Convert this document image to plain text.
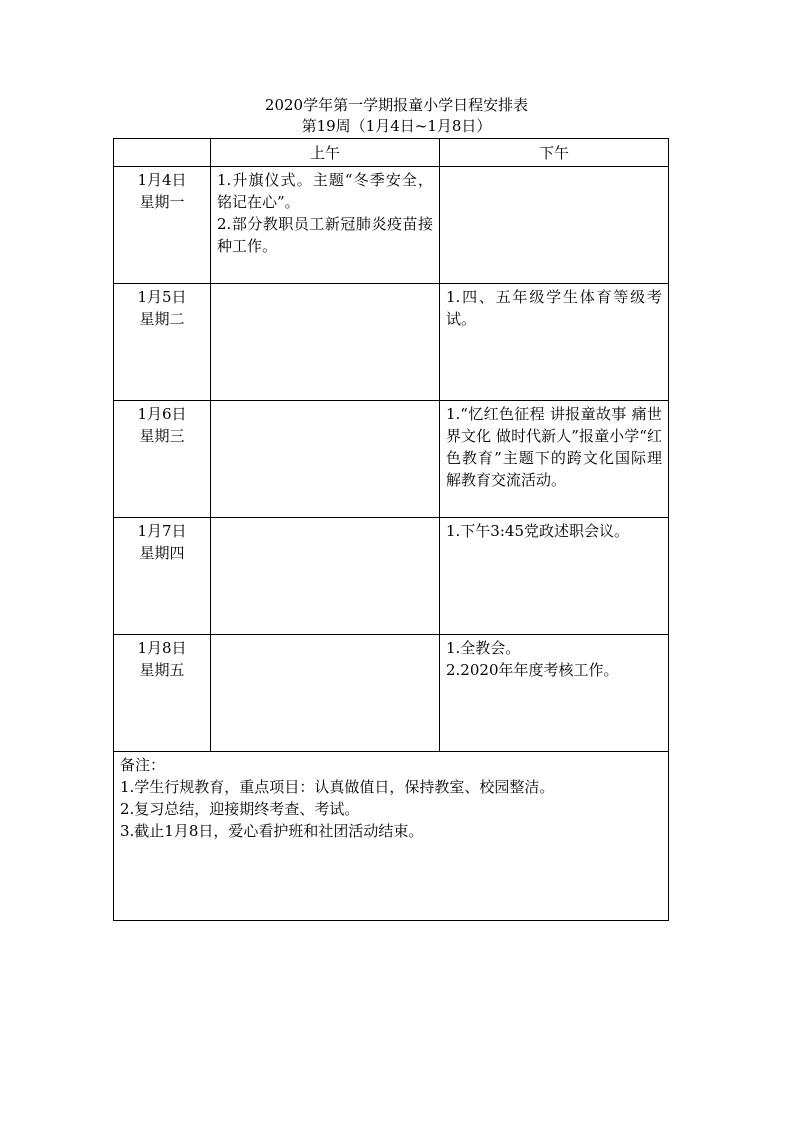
2020学年第一学期报童小学日程安排表
第19周（1月4日~1月8日）
	上午	下午

1月4日
星期一	1.升旗仪式。主题“冬季安全，铭记在心”。
2.部分教职员工新冠肺炎疫苗接种工作。	

1月5日
星期二		1.四、五年级学生体育等级考试。

1月6日
星期三		1.“忆红色征程 讲报童故事 痛世界文化 做时代新人”报童小学“红色教育”主题下的跨文化国际理解教育交流活动。

1月7日
星期四		1.下午3:45党政述职会议。

1月8日
星期五		1.全教会。
2.2020年年度考核工作。

备注：
1.学生行规教育，重点项目：认真做值日，保持教室、校园整洁。
2.复习总结，迎接期终考查、考试。
3.截止1月8日，爱心看护班和社团活动结束。		
